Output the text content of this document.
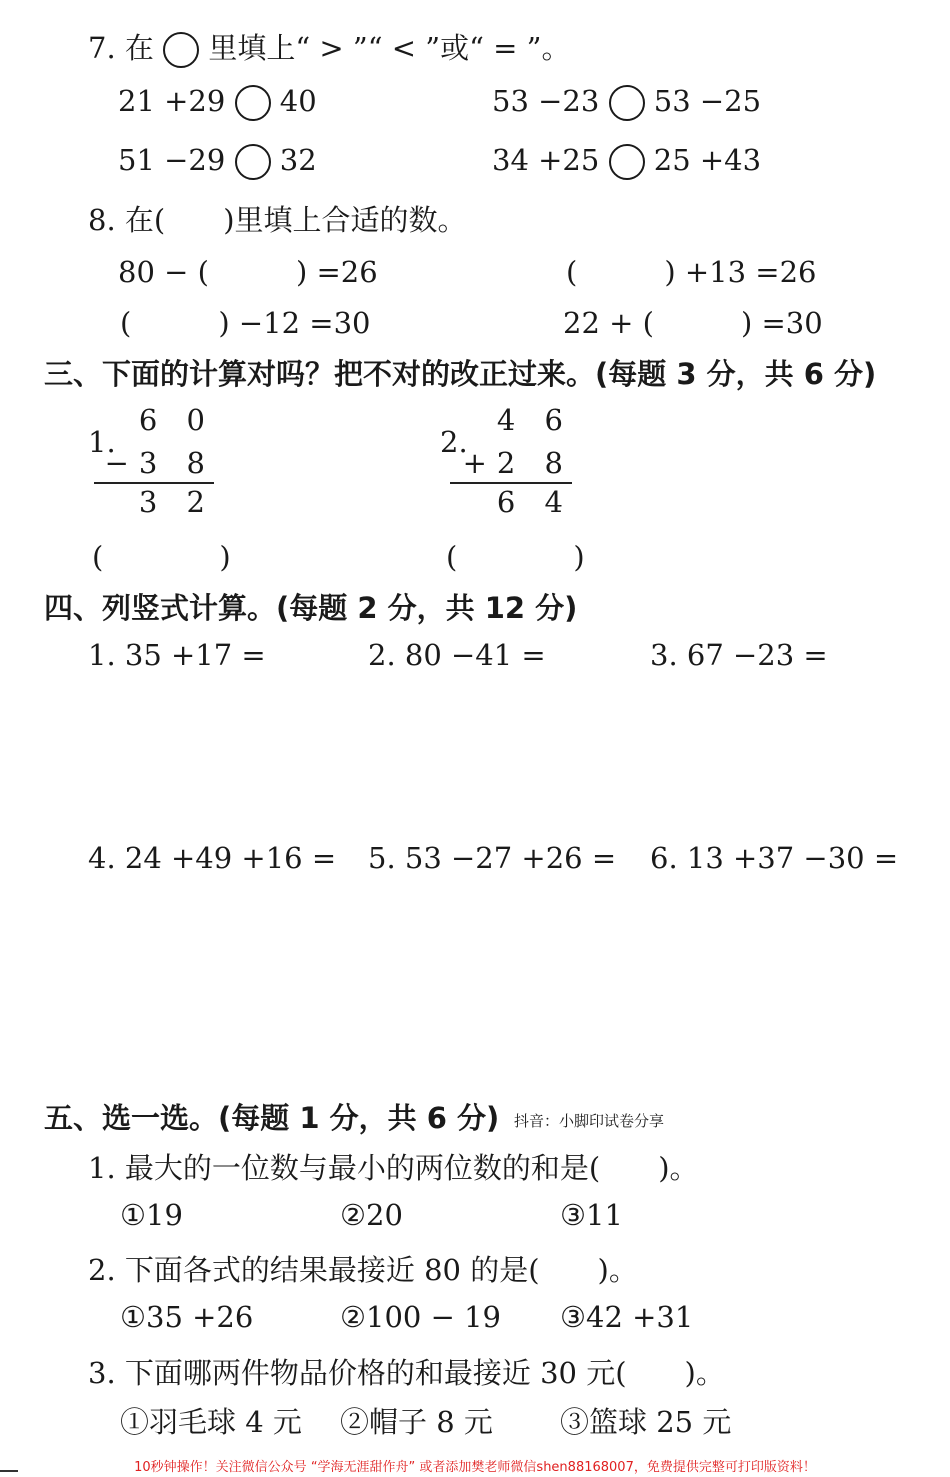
7. 在 里填上“ > ”“ < ”或“ = ”。
21 +29 40	53 −23 53 −25
51 −29 32	34 +25 25 +43
8. 在(　　)里填上合适的数。
80 − (　　　) =26	(　　　) +13 =26
(　　　) −12 =30	22 + (　　　) =30
三、下面的计算对吗？把不对的改正过来。(每题 3 分，共 6 分)
1.
6 0
−3 8
3 2
(　　　　)
2.
4 6
+2 8
6 4
(　　　　)
四、列竖式计算。(每题 2 分，共 12 分)
1. 35 +17 =	2. 80 −41 =	3. 67 −23 =
4. 24 +49 +16 = 5. 53 −27 +26 = 6. 13 +37 −30 =
五、选一选。(每题 1 分，共 6 分) 抖音：小脚印试卷分享
1. 最大的一位数与最小的两位数的和是(　　)。
①19	②20	③11
2. 下面各式的结果最接近 80 的是(　　)。
①35 +26	②100 − 19 ③42 +31
3. 下面哪两件物品价格的和最接近 30 元(　　)。
①羽毛球 4 元 ②帽子 8 元 ③篮球 25 元
10秒钟操作！关注微信公众号 “学海无涯甜作舟” 或者添加樊老师微信shen88168007，免费提供完整可打印版资料！
